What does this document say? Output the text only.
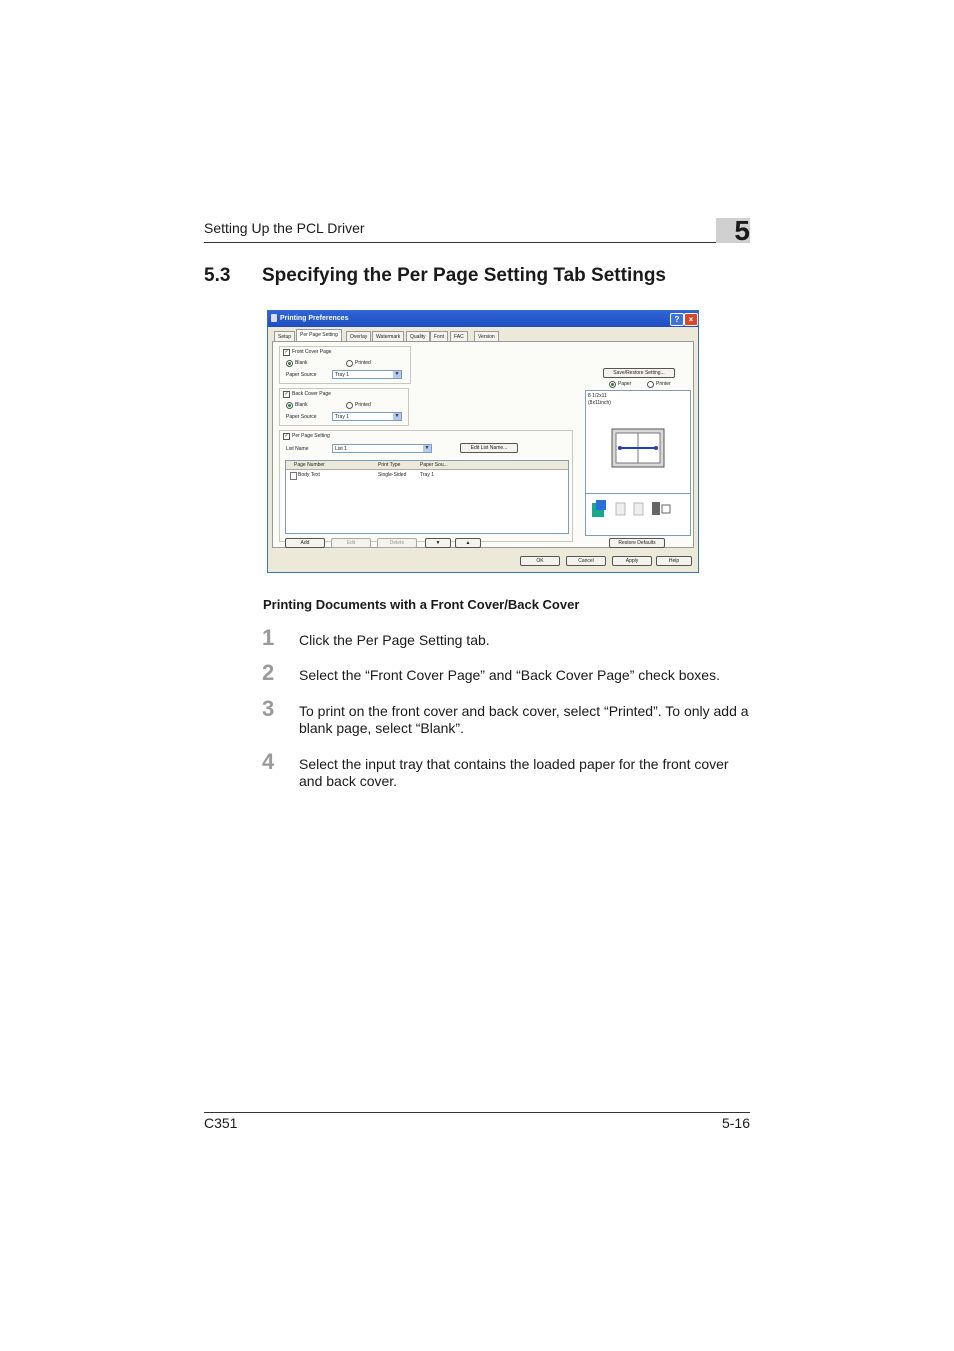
Setting Up the PCL Driver	5
5.3 Specifying the Per Page Setting Tab Settings
Printing Preferences	?	×
Setup	Per Page Setting	Overlay	Watermark	Quality	Font	FAC	Version
✓ Front Cover Page
Blank	Printed
Paper Source	Tray 1	▼
✓ Back Cover Page
Blank	Printed
Paper Source	Tray 1	▼
✓ Per Page Setting
List Name	List 1	▼	Edit List Name...
Page Number	Print Type	Paper Sou...
Body Text	Single-Sided	Tray 1
Add	Edit	Delete	▼	▲
Save/Restore Setting...
Paper	Printer
8 1/2x11
(8x11inch)
Restore Defaults
OK	Cancel	Apply	Help
Printing Documents with a Front Cover/Back Cover
1 Click the Per Page Setting tab.
2 Select the “Front Cover Page” and “Back Cover Page” check boxes.
3 To print on the front cover and back cover, select “Printed”. To only add a blank page, select “Blank”.
4 Select the input tray that contains the loaded paper for the front cover and back cover.
C351	5-16
